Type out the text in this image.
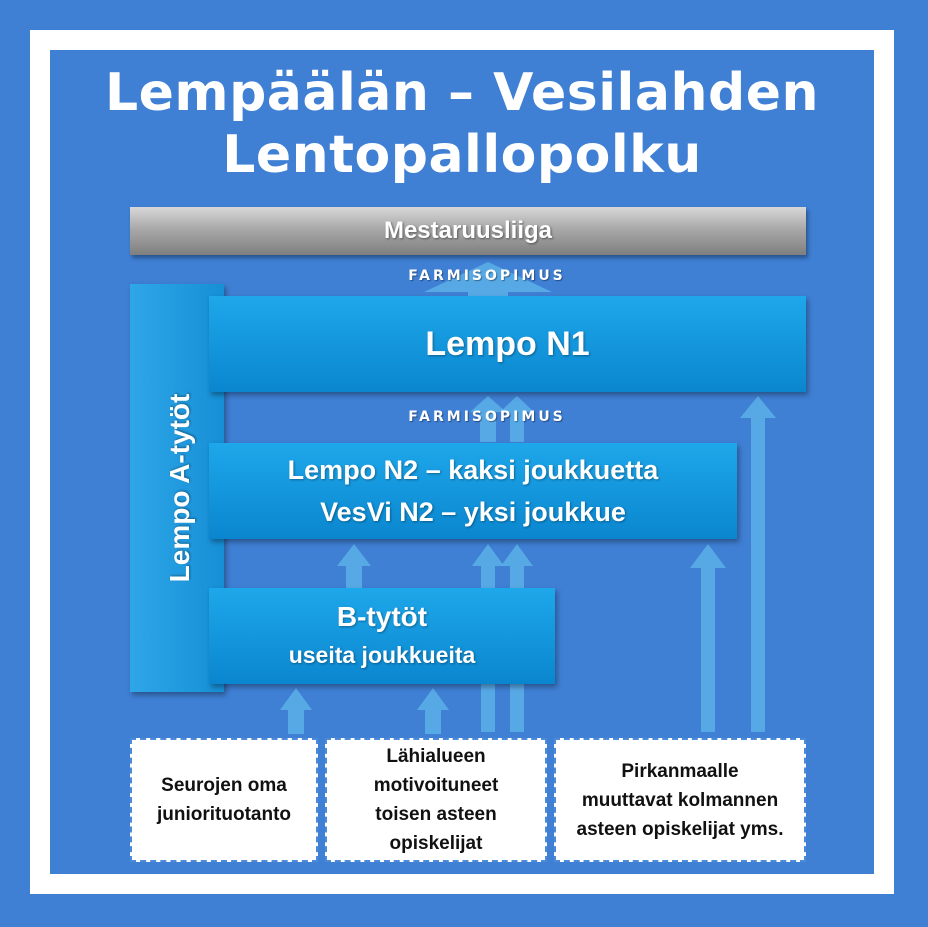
Lempäälän – Vesilahden
Lentopallopolku
Mestaruusliiga
FARMISOPIMUS
Lempo A-tytöt
Lempo N1
FARMISOPIMUS
Lempo N2 – kaksi joukkuetta
VesVi N2 – yksi joukkue
B-tytöt
useita joukkueita
Seurojen oma
juniorituotanto
Lähialueen
motivoituneet
toisen asteen
opiskelijat
Pirkanmaalle
muuttavat kolmannen
asteen opiskelijat yms.
